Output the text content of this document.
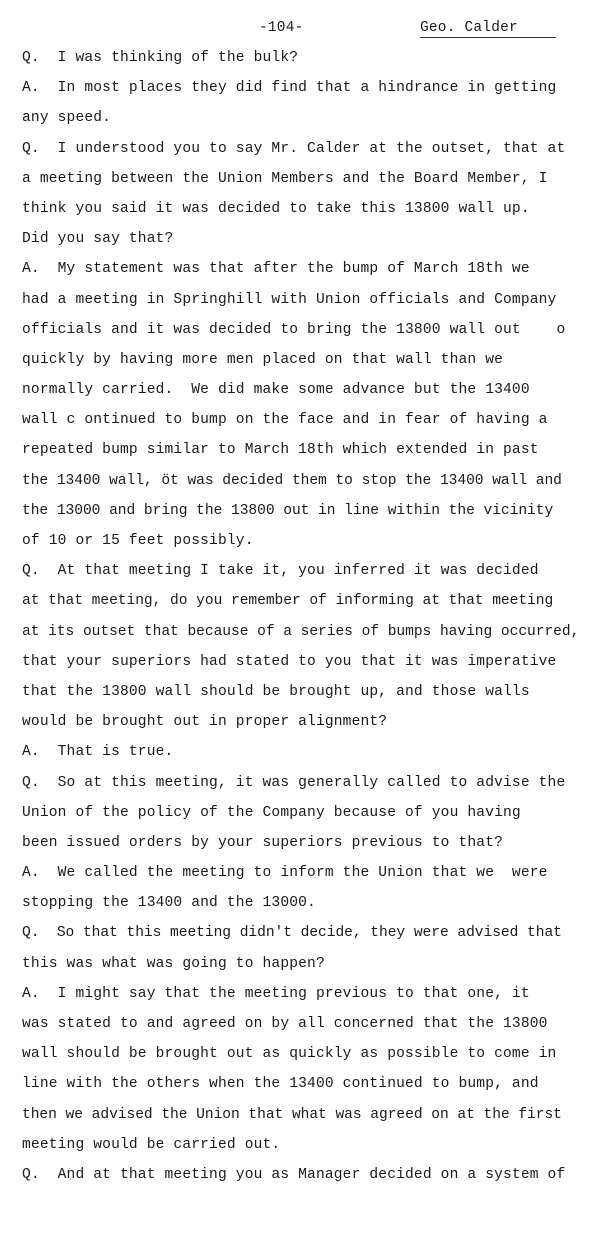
-104-	Geo. Calder
Q.  I was thinking of the bulk?
A.  In most places they did find that a hindrance in getting
any speed.
Q.  I understood you to say Mr. Calder at the outset, that at
a meeting between the Union Members and the Board Member, I
think you said it was decided to take this 13800 wall up.
Did you say that?
A.  My statement was that after the bump of March 18th we
had a meeting in Springhill with Union officials and Company
officials and it was decided to bring the 13800 wall out    o
quickly by having more men placed on that wall than we
normally carried.  We did make some advance but the 13400
wall c ontinued to bump on the face and in fear of having a
repeated bump similar to March 18th which extended in past
the 13400 wall, öt was decided them to stop the 13400 wall and
the 13000 and bring the 13800 out in line within the vicinity
of 10 or 15 feet possibly.
Q.  At that meeting I take it, you inferred it was decided
at that meeting, do you remember of informing at that meeting
at its outset that because of a series of bumps having occurred,
that your superiors had stated to you that it was imperative
that the 13800 wall should be brought up, and those walls
would be brought out in proper alignment?
A.  That is true.
Q.  So at this meeting, it was generally called to advise the
Union of the policy of the Company because of you having
been issued orders by your superiors previous to that?
A.  We called the meeting to inform the Union that we  were
stopping the 13400 and the 13000.
Q.  So that this meeting didn't decide, they were advised that
this was what was going to happen?
A.  I might say that the meeting previous to that one, it
was stated to and agreed on by all concerned that the 13800
wall should be brought out as quickly as possible to come in
line with the others when the 13400 continued to bump, and
then we advised the Union that what was agreed on at the first
meeting would be carried out.
Q.  And at that meeting you as Manager decided on a system of
